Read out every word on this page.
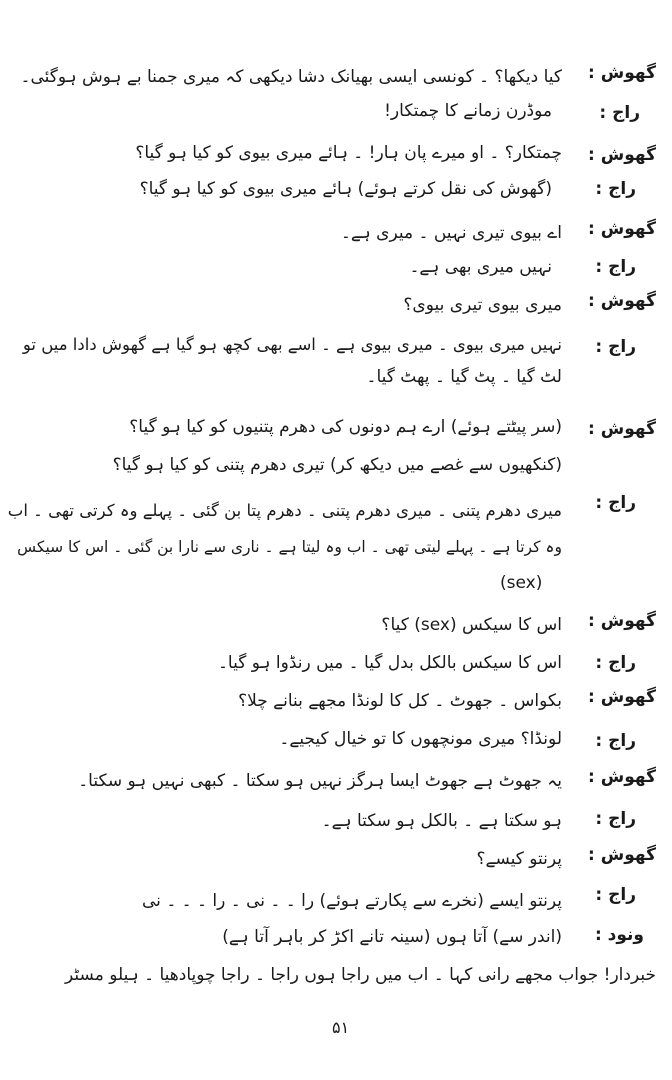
گھوش :
راج :
گھوش :
راج :
گھوش :
راج :
گھوش :
راج :
گھوش :
راج :
گھوش :
راج :
گھوش :
راج :
گھوش :
راج :
گھوش :
راج :
ونود :
کیا دیکھا؟ ۔ کونسی ایسی بھیانک دشا دیکھی کہ میری جمنا بے ہوش ہوگئی۔
موڈرن زمانے کا چمتکار!
چمتکار؟ ۔ او میرے پان ہار! ۔ ہائے میری بیوی کو کیا ہو گیا؟
(گھوش کی نقل کرتے ہوئے) ہائے میری بیوی کو کیا ہو گیا؟
اے بیوی تیری نہیں ۔ میری ہے۔
نہیں میری بھی ہے۔
میری بیوی تیری بیوی؟
نہیں میری بیوی ۔ میری بیوی ہے ۔ اسے بھی کچھ ہو گیا ہے گھوش دادا میں تو
لٹ گیا ۔ پٹ گیا ۔ پھٹ گیا۔
(سر پیٹتے ہوئے) ارے ہم دونوں کی دھرم پتنیوں کو کیا ہو گیا؟
(کنکھیوں سے غصے میں دیکھ کر) تیری دھرم پتنی کو کیا ہو گیا؟
میری دھرم پتنی ۔ میری دھرم پتنی ۔ دھرم پتا بن گئی ۔ پہلے وہ کرتی تھی ۔ اب
وہ کرتا ہے ۔ پہلے لیتی تھی ۔ اب وہ لیتا ہے ۔ ناری سے نارا بن گئی ۔ اس کا سیکس
(sex)
اس کا سیکس (sex) کیا؟
اس کا سیکس بالکل بدل گیا ۔ میں رنڈوا ہو گیا۔
بکواس ۔ جھوٹ ۔ کل کا لونڈا مجھے بنانے چلا؟
لونڈا؟ میری مونچھوں کا تو خیال کیجیے۔
یہ جھوٹ ہے جھوٹ ایسا ہرگز نہیں ہو سکتا ۔ کبھی نہیں ہو سکتا۔
ہو سکتا ہے ۔ بالکل ہو سکتا ہے۔
پرنتو کیسے؟
پرنتو ایسے (نخرے سے پکارتے ہوئے) را ۔ ۔ نی ۔ را ۔ ۔ ۔ نی
(اندر سے) آتا ہوں (سینہ تانے اکڑ کر باہر آتا ہے)
خبردار! جواب مجھے رانی کہا ۔ اب میں راجا ہوں راجا ۔ راجا چوپادھیا ۔ ہیلو مسٹر
۵۱
